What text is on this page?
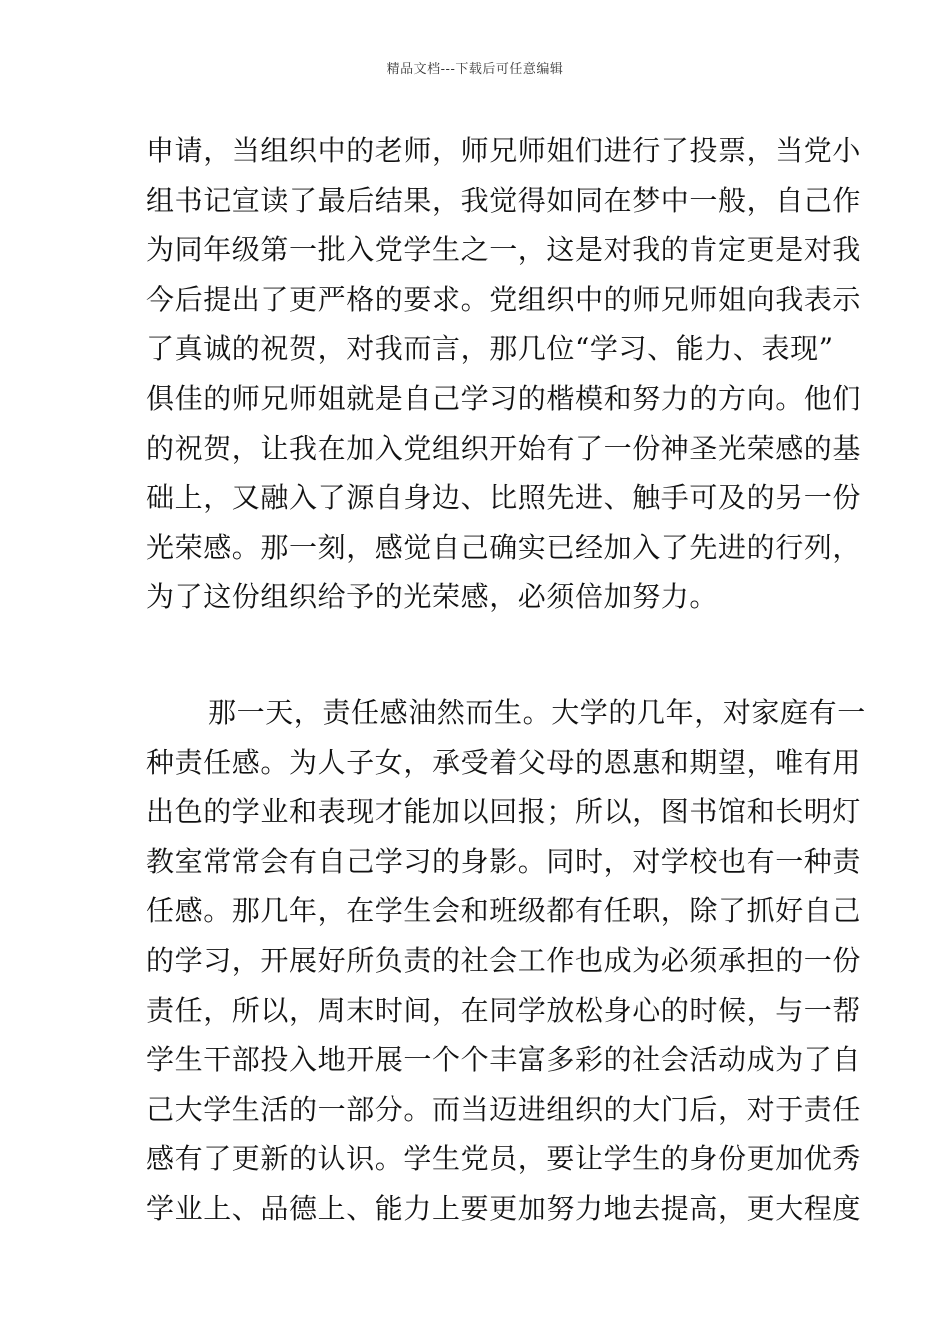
精品文档---下载后可任意编辑
申请，当组织中的老师，师兄师姐们进行了投票，当党小
组书记宣读了最后结果，我觉得如同在梦中一般，自己作
为同年级第一批入党学生之一，这是对我的肯定更是对我
今后提出了更严格的要求。党组织中的师兄师姐向我表示
了真诚的祝贺，对我而言，那几位“学习、能力、表现”
俱佳的师兄师姐就是自己学习的楷模和努力的方向。他们
的祝贺，让我在加入党组织开始有了一份神圣光荣感的基
础上，又融入了源自身边、比照先进、触手可及的另一份
光荣感。那一刻，感觉自己确实已经加入了先进的行列，
为了这份组织给予的光荣感，必须倍加努力。
那一天，责任感油然而生。大学的几年，对家庭有一
种责任感。为人子女，承受着父母的恩惠和期望，唯有用
出色的学业和表现才能加以回报；所以，图书馆和长明灯
教室常常会有自己学习的身影。同时，对学校也有一种责
任感。那几年，在学生会和班级都有任职，除了抓好自己
的学习，开展好所负责的社会工作也成为必须承担的一份
责任，所以，周末时间，在同学放松身心的时候，与一帮
学生干部投入地开展一个个丰富多彩的社会活动成为了自
己大学生活的一部分。而当迈进组织的大门后，对于责任
感有了更新的认识。学生党员，要让学生的身份更加优秀
学业上、品德上、能力上要更加努力地去提高，更大程度
